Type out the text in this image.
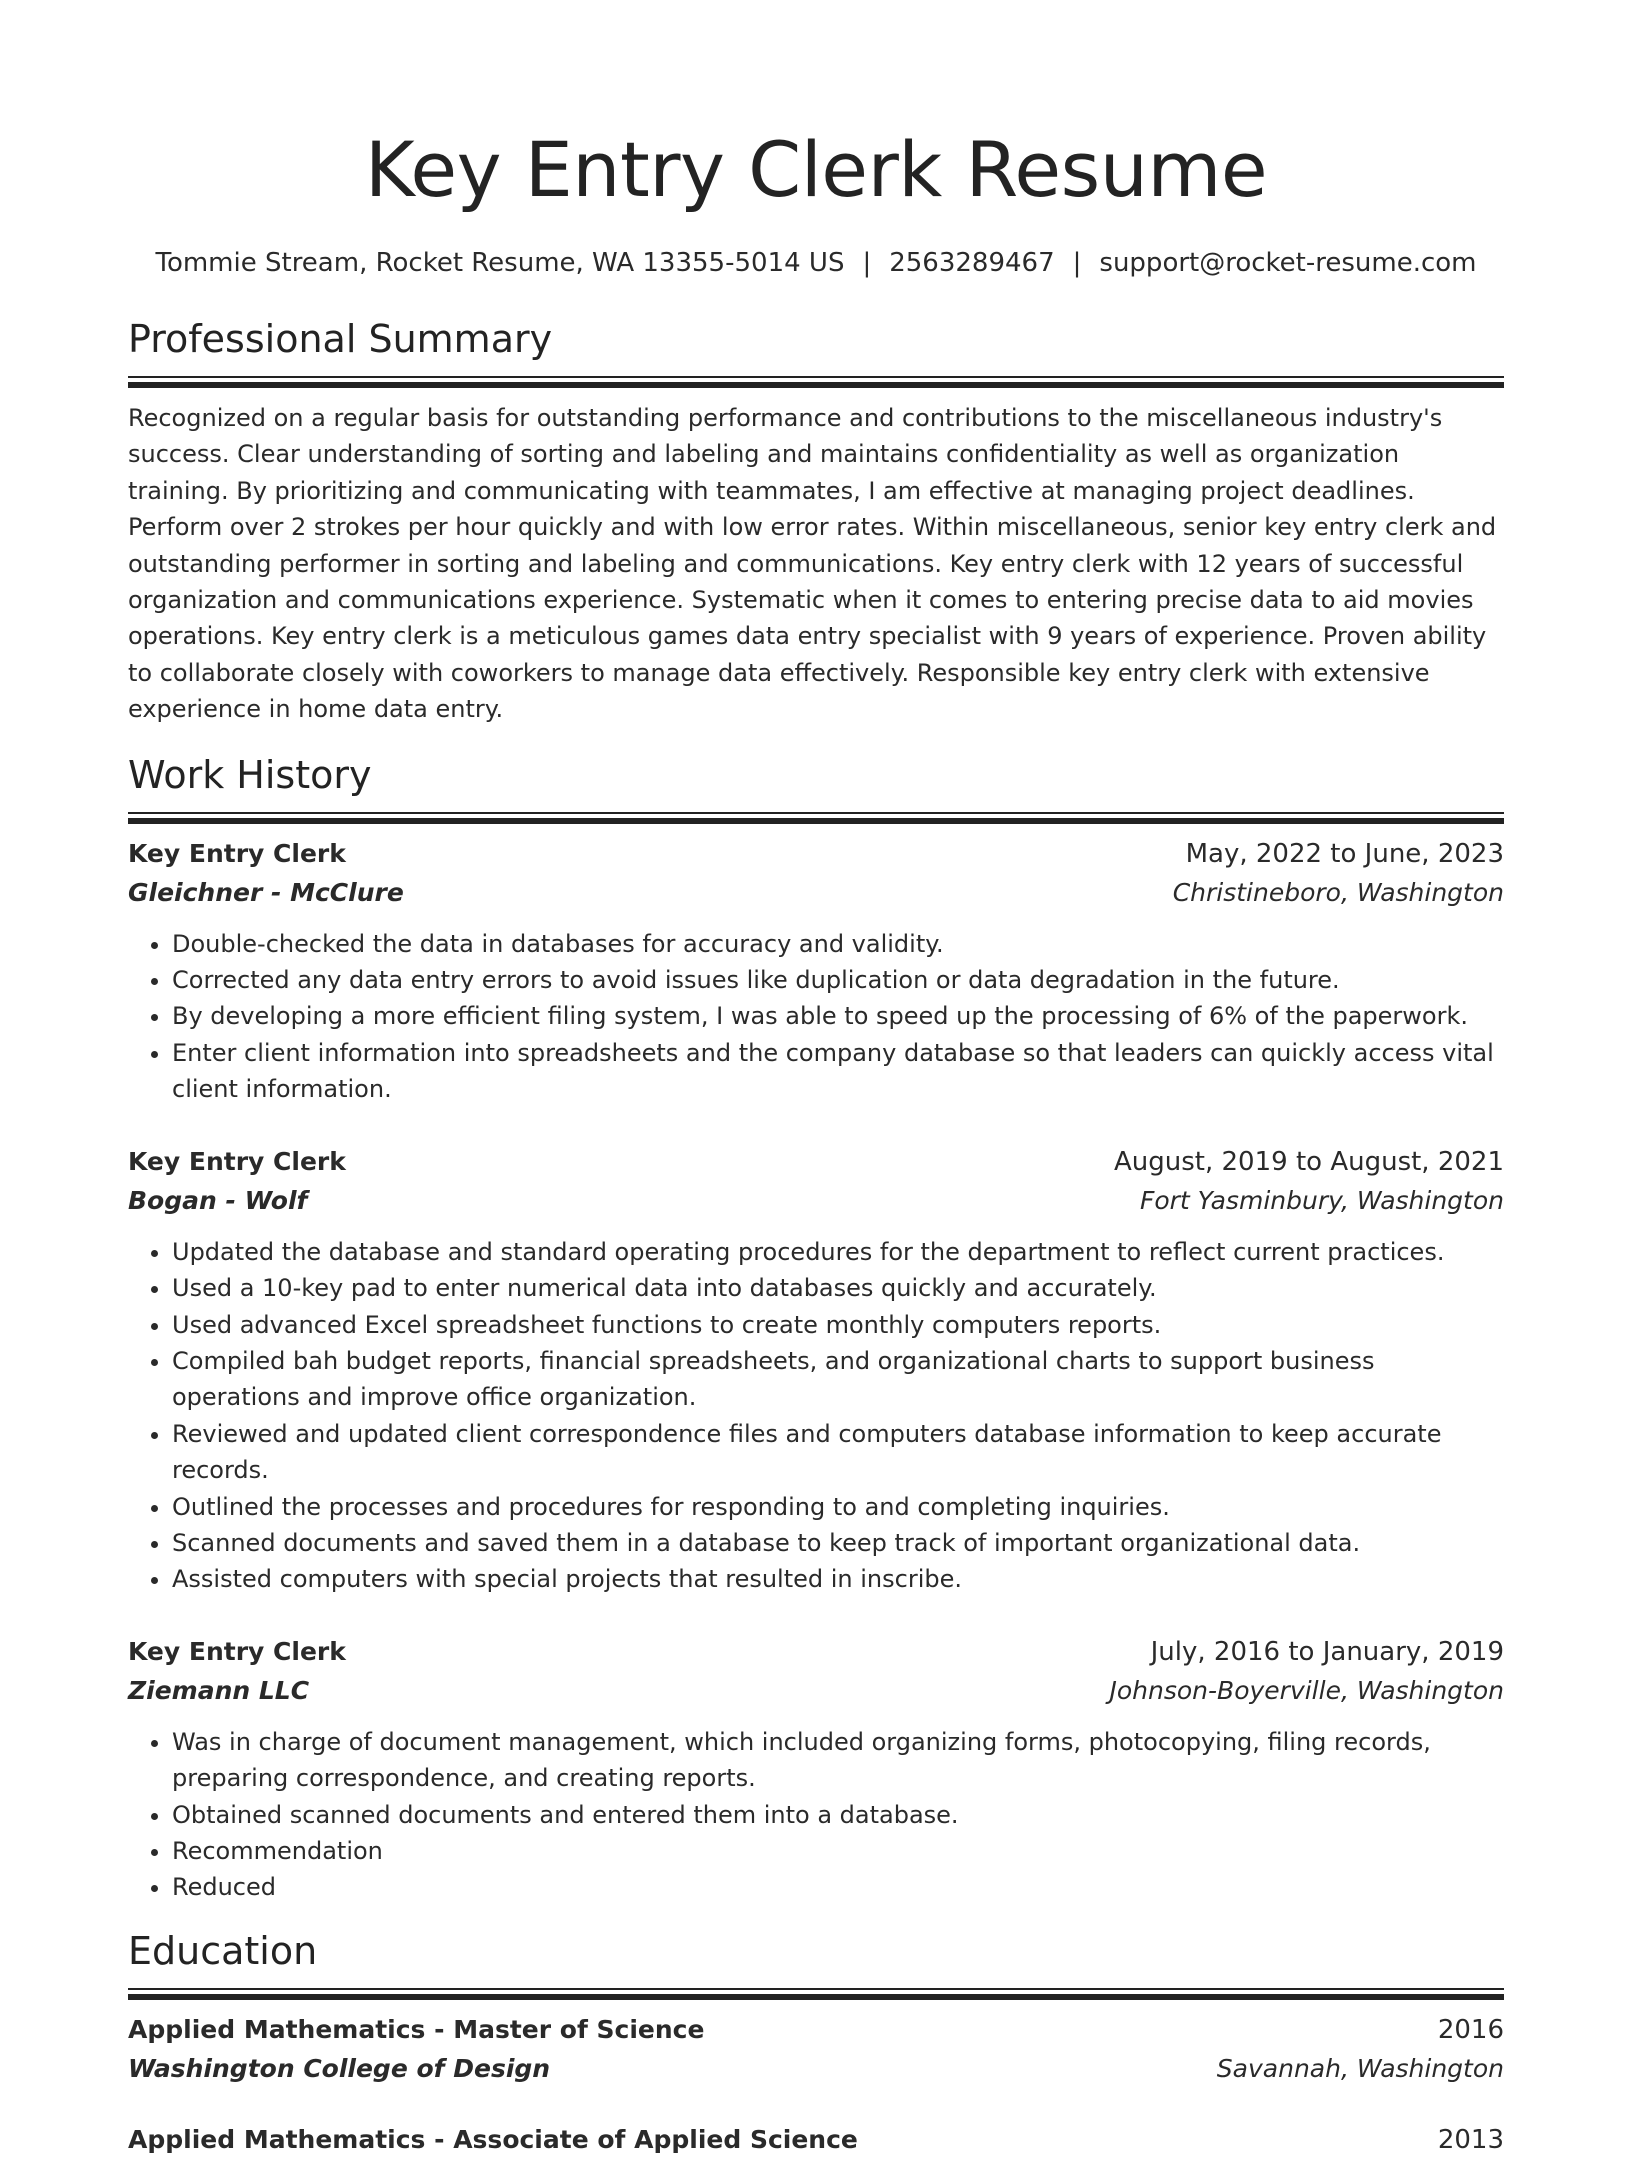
Key Entry Clerk Resume
Tommie Stream, Rocket Resume, WA 13355-5014 US | 2563289467 | support@rocket-resume.com
Professional Summary

Recognized on a regular basis for outstanding performance and contributions to the miscellaneous industry's success. Clear understanding of sorting and labeling and maintains confidentiality as well as organization training. By prioritizing and communicating with teammates, I am effective at managing project deadlines. Perform over 2 strokes per hour quickly and with low error rates. Within miscellaneous, senior key entry clerk and outstanding performer in sorting and labeling and communications. Key entry clerk with 12 years of successful organization and communications experience. Systematic when it comes to entering precise data to aid movies operations. Key entry clerk is a meticulous games data entry specialist with 9 years of experience. Proven ability to collaborate closely with coworkers to manage data effectively. Responsible key entry clerk with extensive experience in home data entry.

Work History
Key Entry Clerk	May, 2022 to June, 2023
Gleichner - McClure	Christineboro, Washington
• Double-checked the data in databases for accuracy and validity.
• Corrected any data entry errors to avoid issues like duplication or data degradation in the future.
• By developing a more efficient filing system, I was able to speed up the processing of 6% of the paperwork.
• Enter client information into spreadsheets and the company database so that leaders can quickly access vital client information.
Key Entry Clerk	August, 2019 to August, 2021
Bogan - Wolf	Fort Yasminbury, Washington
• Updated the database and standard operating procedures for the department to reflect current practices.
• Used a 10-key pad to enter numerical data into databases quickly and accurately.
• Used advanced Excel spreadsheet functions to create monthly computers reports.
• Compiled bah budget reports, financial spreadsheets, and organizational charts to support business operations and improve office organization.
• Reviewed and updated client correspondence files and computers database information to keep accurate records.
• Outlined the processes and procedures for responding to and completing inquiries.
• Scanned documents and saved them in a database to keep track of important organizational data.
• Assisted computers with special projects that resulted in inscribe.
Key Entry Clerk	July, 2016 to January, 2019
Ziemann LLC	Johnson-Boyerville, Washington
• Was in charge of document management, which included organizing forms, photocopying, filing records, preparing correspondence, and creating reports.
• Obtained scanned documents and entered them into a database.
• Recommendation
• Reduced
Education
Applied Mathematics - Master of Science	2016
Washington College of Design	Savannah, Washington
Applied Mathematics - Associate of Applied Science	2013
